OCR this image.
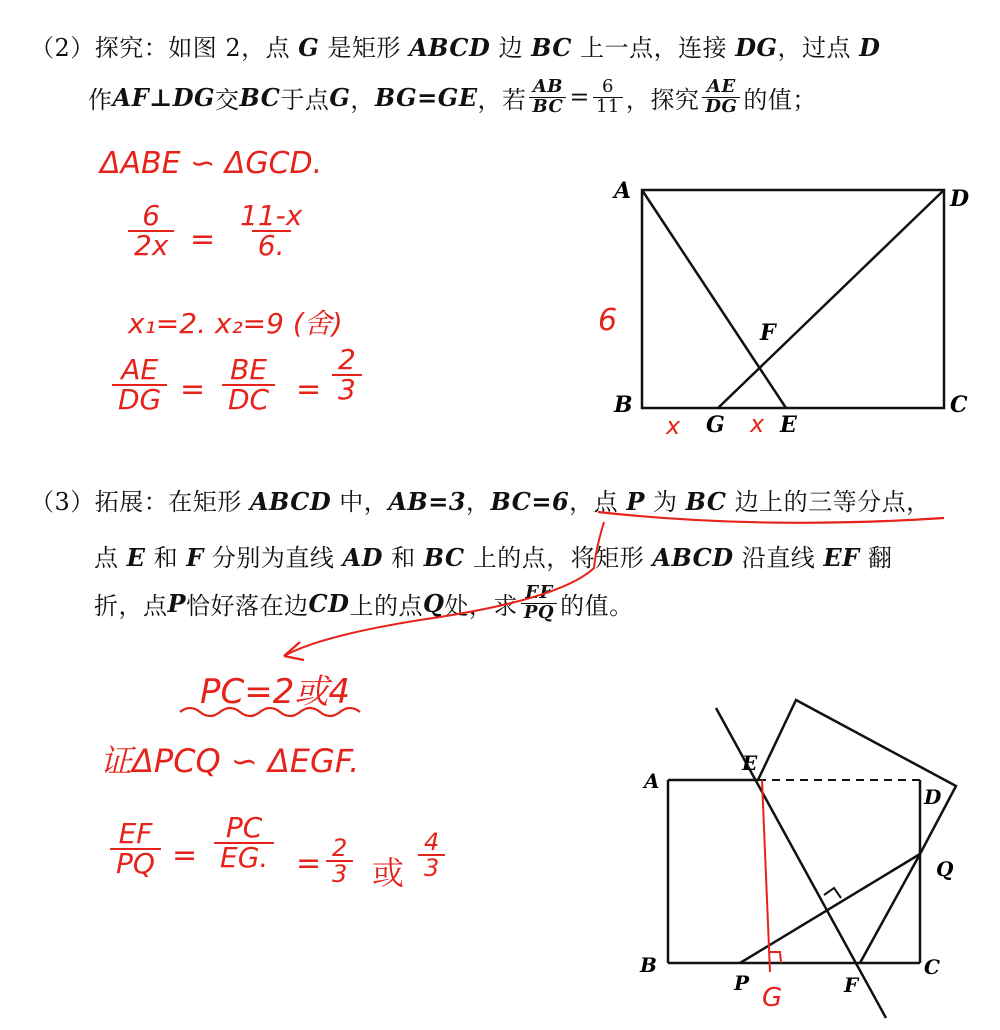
（2）探究：如图 2，点 G 是矩形 ABCD 边 BC 上一点，连接 DG，过点 D
作 AF⊥DG 交 BC 于点 G ， BG=GE ，若 $\frac{AB}{BC} = \frac{6}{11}$ ，探究 $\frac{AE}{DG}$ 的值；
A	D
B	C
F
G	E
6
x	x
ΔABE ∽ ΔGCD.
$\frac{6}{2x} = \frac{11-x}{6.}$
x₁=2. x₂=9 (舍)
$\frac{AE}{DG} = \frac{BE}{DC} = \frac{2}{3}$
（3）拓展：在矩形 ABCD 中，AB=3，BC=6，点 P 为 BC 边上的三等分点，
点 E 和 F 分别为直线 AD 和 BC 上的点，将矩形 ABCD 沿直线 EF 翻
折，点 P 恰好落在边 CD 上的点 Q 处，求 $\frac{EF}{PQ}$ 的值。
PC=2或4
证ΔPCQ ∽ ΔEGF.
$\frac{EF}{PQ} = \frac{PC}{EG.} = \frac{2}{3}$ 或 $\frac{4}{3}$
A
E
D
Q
B	C
P	F
G
